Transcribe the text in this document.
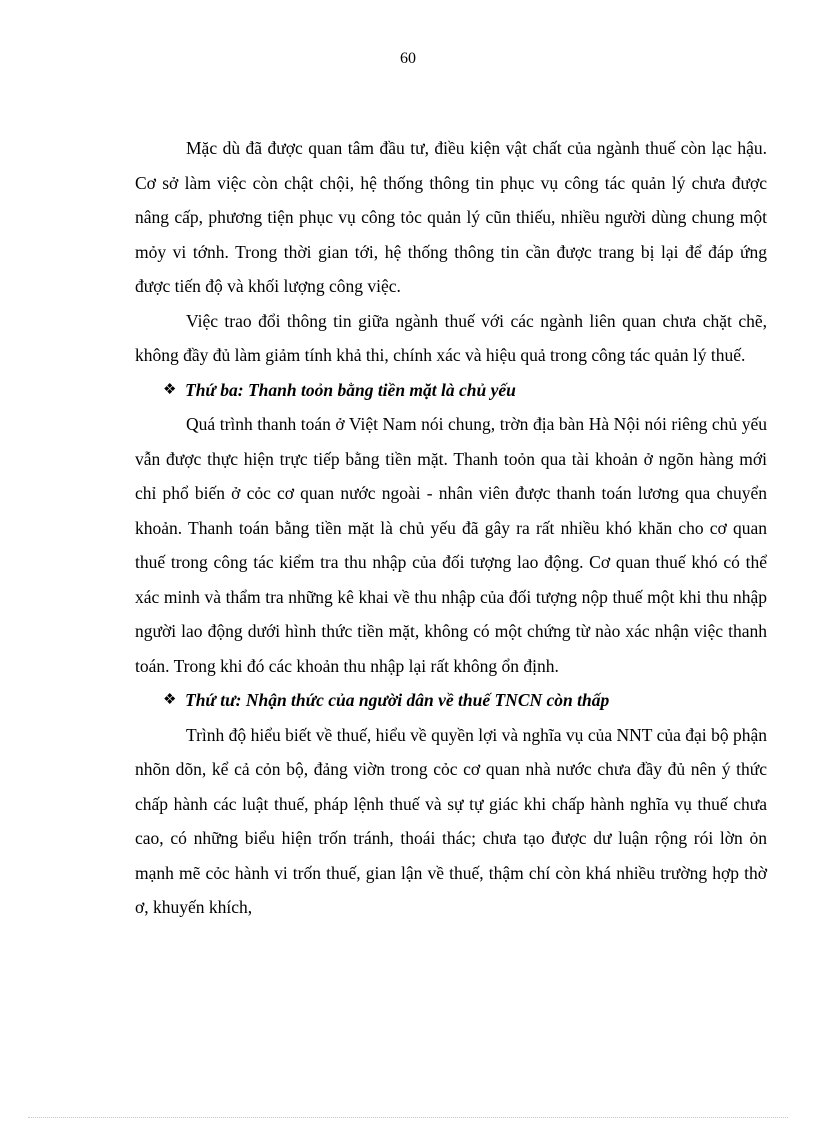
60

Mặc dù đã được quan tâm đầu tư, điều kiện vật chất của ngành thuế còn lạc hậu. Cơ sở làm việc còn chật chội, hệ thống thông tin phục vụ công tác quản lý chưa được nâng cấp, phương tiện phục vụ công tỏc quản lý cũn thiếu, nhiều người dùng chung một mỏy vi tớnh. Trong thời gian tới, hệ thống thông tin cần được trang bị lại để đáp ứng được tiến độ và khối lượng công việc.

Việc trao đổi thông tin giữa ngành thuế với các ngành liên quan chưa chặt chẽ, không đầy đủ làm giảm tính khả thi, chính xác và hiệu quả trong công tác quản lý thuế.

❖ Thứ ba: Thanh toỏn bằng tiền mặt là chủ yếu

Quá trình thanh toán ở Việt Nam nói chung, trờn địa bàn Hà Nội nói riêng chủ yếu vẫn được thực hiện trực tiếp bằng tiền mặt. Thanh toỏn qua tài khoản ở ngõn hàng mới chỉ phổ biến ở cỏc cơ quan nước ngoài - nhân viên được thanh toán lương qua chuyển khoản. Thanh toán bằng tiền mặt là chủ yếu đã gây ra rất nhiều khó khăn cho cơ quan thuế trong công tác kiểm tra thu nhập của đối tượng lao động. Cơ quan thuế khó có thể xác minh và thẩm tra những kê khai về thu nhập của đối tượng nộp thuế một khi thu nhập người lao động dưới hình thức tiền mặt, không có một chứng từ nào xác nhận việc thanh toán. Trong khi đó các khoản thu nhập lại rất không ổn định.

❖ Thứ tư: Nhận thức của người dân về thuế TNCN còn thấp

Trình độ hiểu biết về thuế, hiểu về quyền lợi và nghĩa vụ của NNT của đại bộ phận nhõn dõn, kể cả cỏn bộ, đảng viờn trong cỏc cơ quan nhà nước chưa đầy đủ nên ý thức chấp hành các luật thuế, pháp lệnh thuế và sự tự giác khi chấp hành nghĩa vụ thuế chưa cao, có những biểu hiện trốn tránh, thoái thác; chưa tạo được dư luận rộng rói lờn ỏn mạnh mẽ cỏc hành vi trốn thuế, gian lận về thuế, thậm chí còn khá nhiều trường hợp thờ ơ, khuyến khích,
